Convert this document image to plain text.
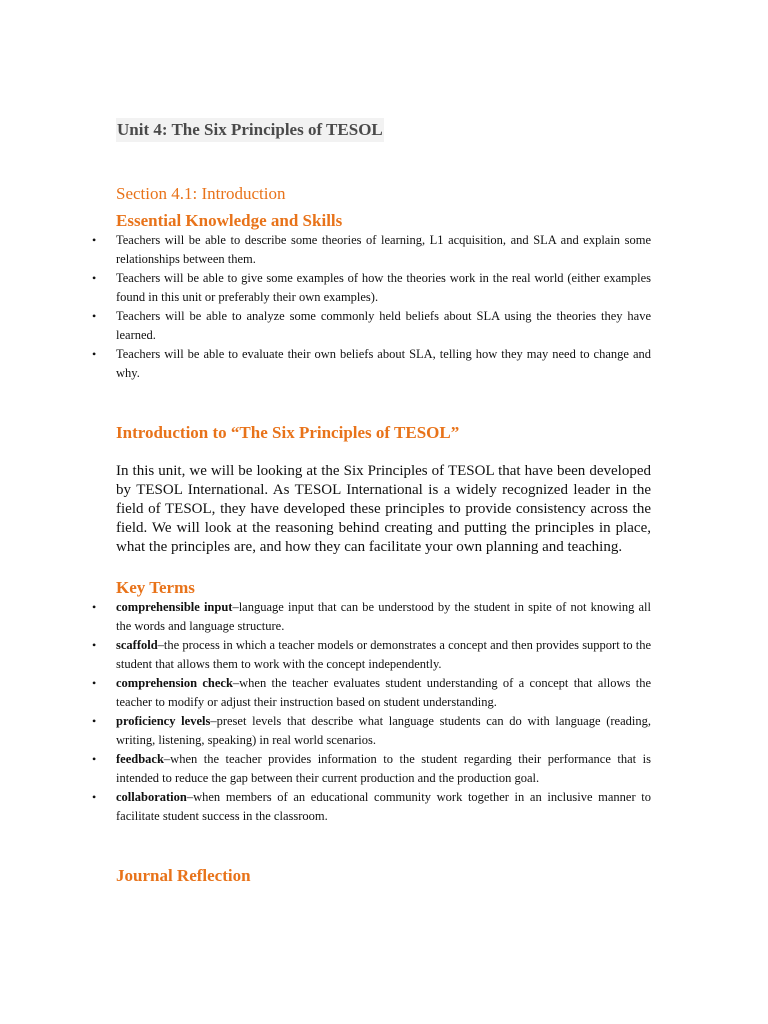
Unit 4: The Six Principles of TESOL
Section 4.1: Introduction
Essential Knowledge and Skills
• Teachers will be able to describe some theories of learning, L1 acquisition, and SLA and explain some relationships between them.
• Teachers will be able to give some examples of how the theories work in the real world (either examples found in this unit or preferably their own examples).
• Teachers will be able to analyze some commonly held beliefs about SLA using the theories they have learned.
• Teachers will be able to evaluate their own beliefs about SLA, telling how they may need to change and why.
Introduction to “The Six Principles of TESOL”

In this unit, we will be looking at the Six Principles of TESOL that have been developed by TESOL International. As TESOL International is a widely recognized leader in the field of TESOL, they have developed these principles to provide consistency across the field. We will look at the reasoning behind creating and putting the principles in place, what the principles are, and how they can facilitate your own planning and teaching.

Key Terms
• comprehensible input–language input that can be understood by the student in spite of not knowing all the words and language structure.
• scaffold–the process in which a teacher models or demonstrates a concept and then provides support to the student that allows them to work with the concept independently.
• comprehension check–when the teacher evaluates student understanding of a concept that allows the teacher to modify or adjust their instruction based on student understanding.
• proficiency levels–preset levels that describe what language students can do with language (reading, writing, listening, speaking) in real world scenarios.
• feedback–when the teacher provides information to the student regarding their performance that is intended to reduce the gap between their current production and the production goal.
• collaboration–when members of an educational community work together in an inclusive manner to facilitate student success in the classroom.
Journal Reflection
